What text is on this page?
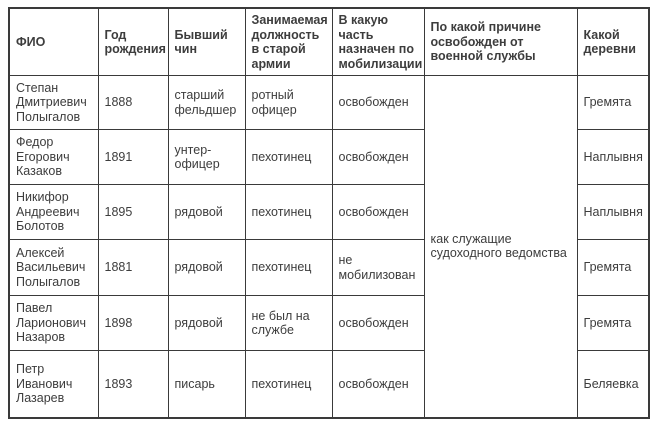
ФИО	Год рождения	Бывший чин	Занимаемая должность в старой армии	В какую часть назначен по мобилизации	По какой причине освобожден от военной службы	Какой деревни
Степан Дмитриевич Полыгалов	1888	старший фельдшер	ротный офицер	освобожден	как служащие судоходного ведомства	Гремята
Федор Егорович Казаков	1891	унтер-офицер	пехотинец	освобожден		Наплывня
Никифор Андреевич Болотов	1895	рядовой	пехотинец	освобожден		Наплывня
Алексей Васильевич Полыгалов	1881	рядовой	пехотинец	не мобилизован		Гремята
Павел Ларионович Назаров	1898	рядовой	не был на службе	освобожден		Гремята
Петр Иванович Лазарев	1893	писарь	пехотинец	освобожден		Беляевка
